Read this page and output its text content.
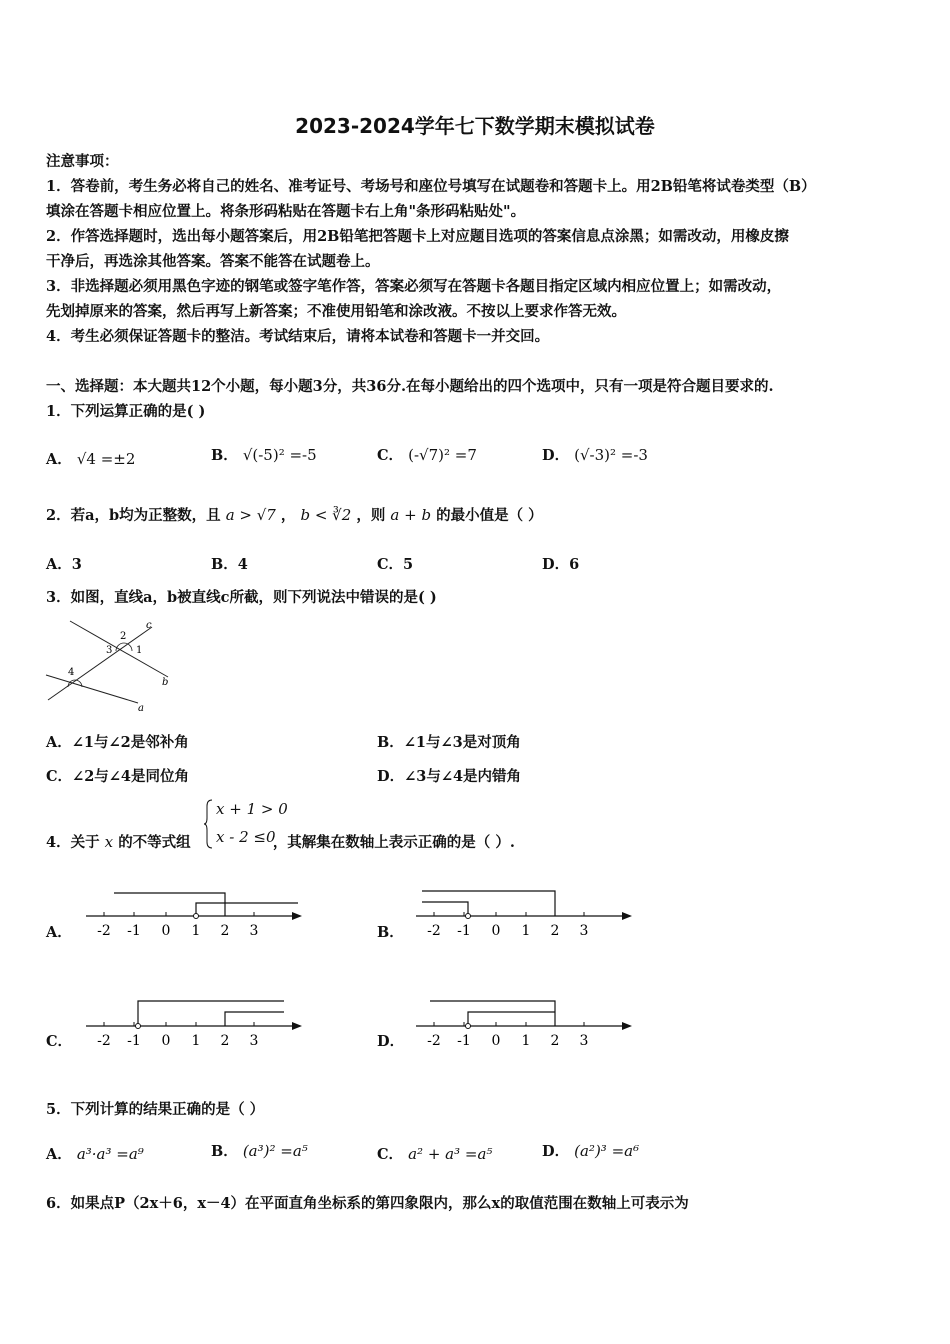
2023-2024学年七下数学期末模拟试卷
注意事项：
1．答卷前，考生务必将自己的姓名、准考证号、考场号和座位号填写在试题卷和答题卡上。用2B铅笔将试卷类型（B）
填涂在答题卡相应位置上。将条形码粘贴在答题卡右上角"条形码粘贴处"。
2．作答选择题时，选出每小题答案后，用2B铅笔把答题卡上对应题目选项的答案信息点涂黑；如需改动，用橡皮擦
干净后，再选涂其他答案。答案不能答在试题卷上。
3．非选择题必须用黑色字迹的钢笔或签字笔作答，答案必须写在答题卡各题目指定区域内相应位置上；如需改动，
先划掉原来的答案，然后再写上新答案；不准使用铅笔和涂改液。不按以上要求作答无效。
4．考生必须保证答题卡的整洁。考试结束后，请将本试卷和答题卡一并交回。
一、选择题：本大题共12个小题，每小题3分，共36分.在每小题给出的四个选项中，只有一项是符合题目要求的.
1．下列运算正确的是( )
A． √4 =±2	B． √(-5)² =-5	C． (-√7)² =7	D． (√-3)² =-3
2．若a，b均为正整数，且 a > √7 ， b < ∛2 ，则 a + b 的最小值是（ ）
A．3	B．4	C．5	D．6
3．如图，直线a，b被直线c所截，则下列说法中错误的是( )
c
2
3 1
4
b
a
A．∠1与∠2是邻补角	B．∠1与∠3是对顶角
C．∠2与∠4是同位角	D．∠3与∠4是内错角
4．关于 x 的不等式组	，其解集在数轴上表示正确的是（ ）.
x + 1 > 0
x - 2 ≤0
A． -2 -1 0 1 2 3	B． -2 -1 0 1 2 3
C． -2 -1 0 1 2 3	D． -2 -1 0 1 2 3
5．下列计算的结果正确的是（ ）
A． a³·a³ =a⁹	B． (a³)² =a⁵	C． a² + a³ =a⁵	D． (a²)³ =a⁶
6．如果点P（2x＋6，x－4）在平面直角坐标系的第四象限内，那么x的取值范围在数轴上可表示为
